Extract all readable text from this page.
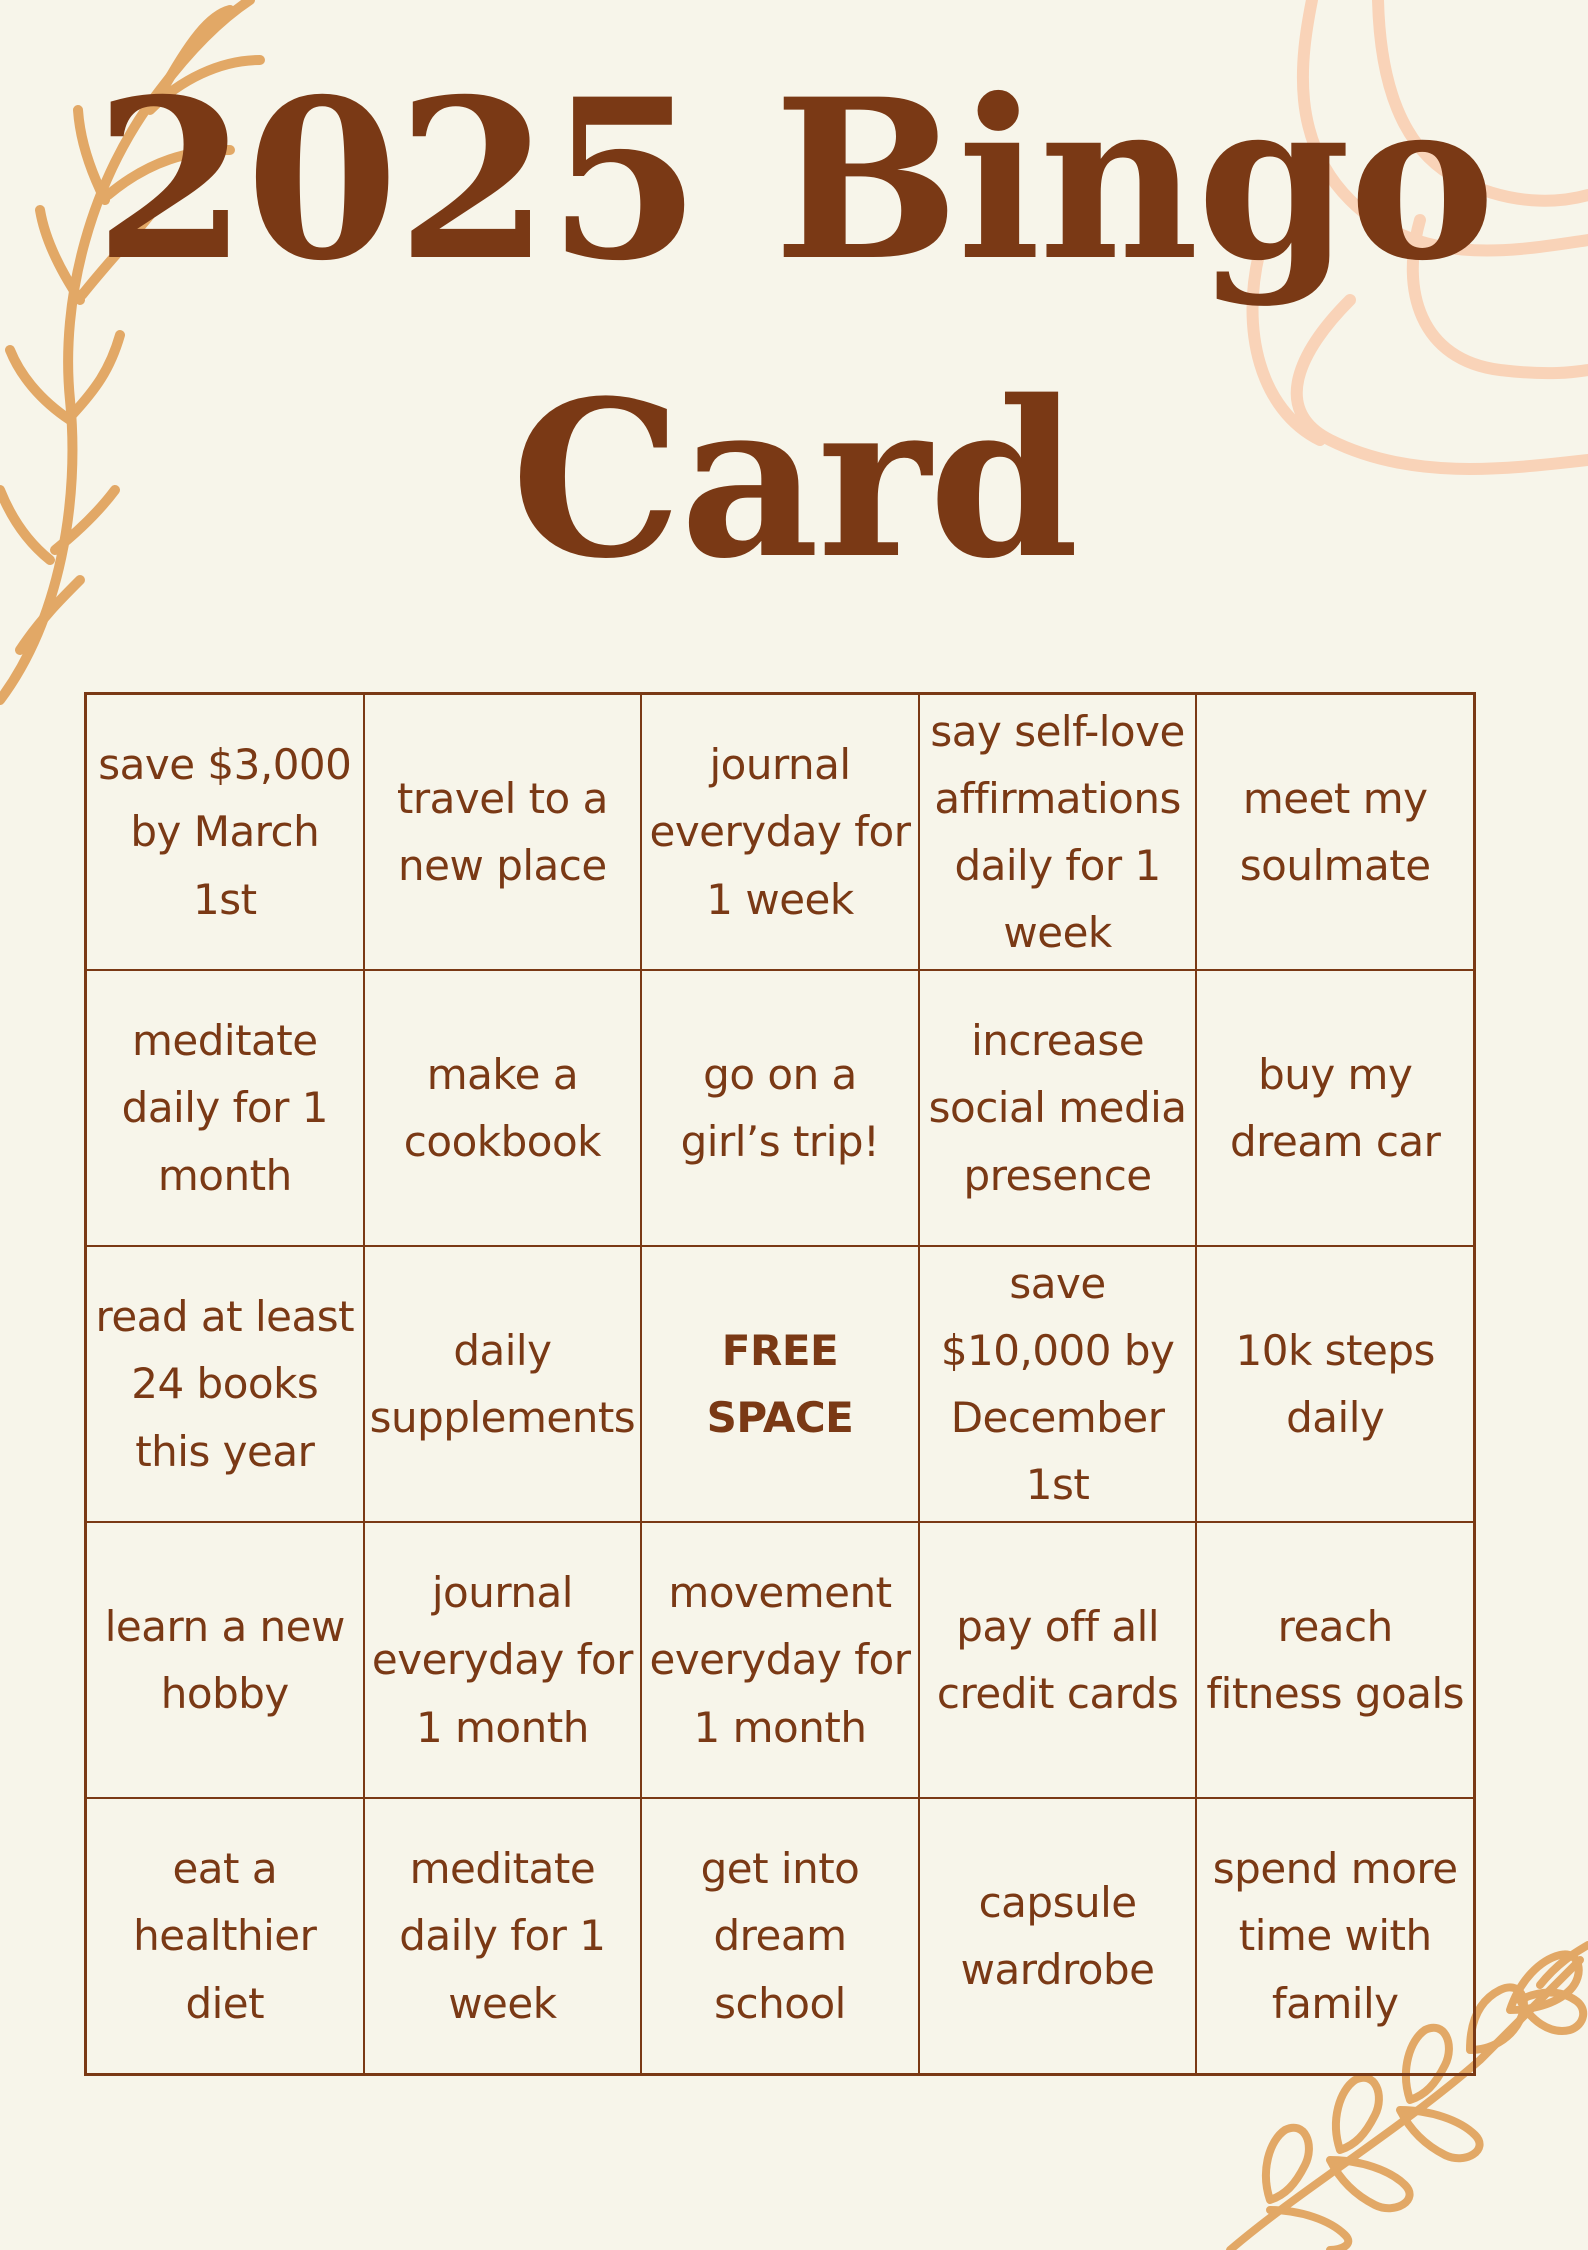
2025 Bingo
Card
save $3,000 by March 1st
travel to a new place
journal everyday for 1 week
say self-love affirmations daily for 1 week
meet my soulmate
meditate daily for 1 month
make a cookbook
go on a girl’s trip!
increase social media presence
buy my dream car
read at least 24 books this year
daily supplements
FREE SPACE
save $10,000 by December 1st
10k steps daily
learn a new hobby
journal everyday for 1 month
movement everyday for 1 month
pay off all credit cards
reach fitness goals
eat a healthier diet
meditate daily for 1 week
get into dream school
capsule wardrobe
spend more time with family
